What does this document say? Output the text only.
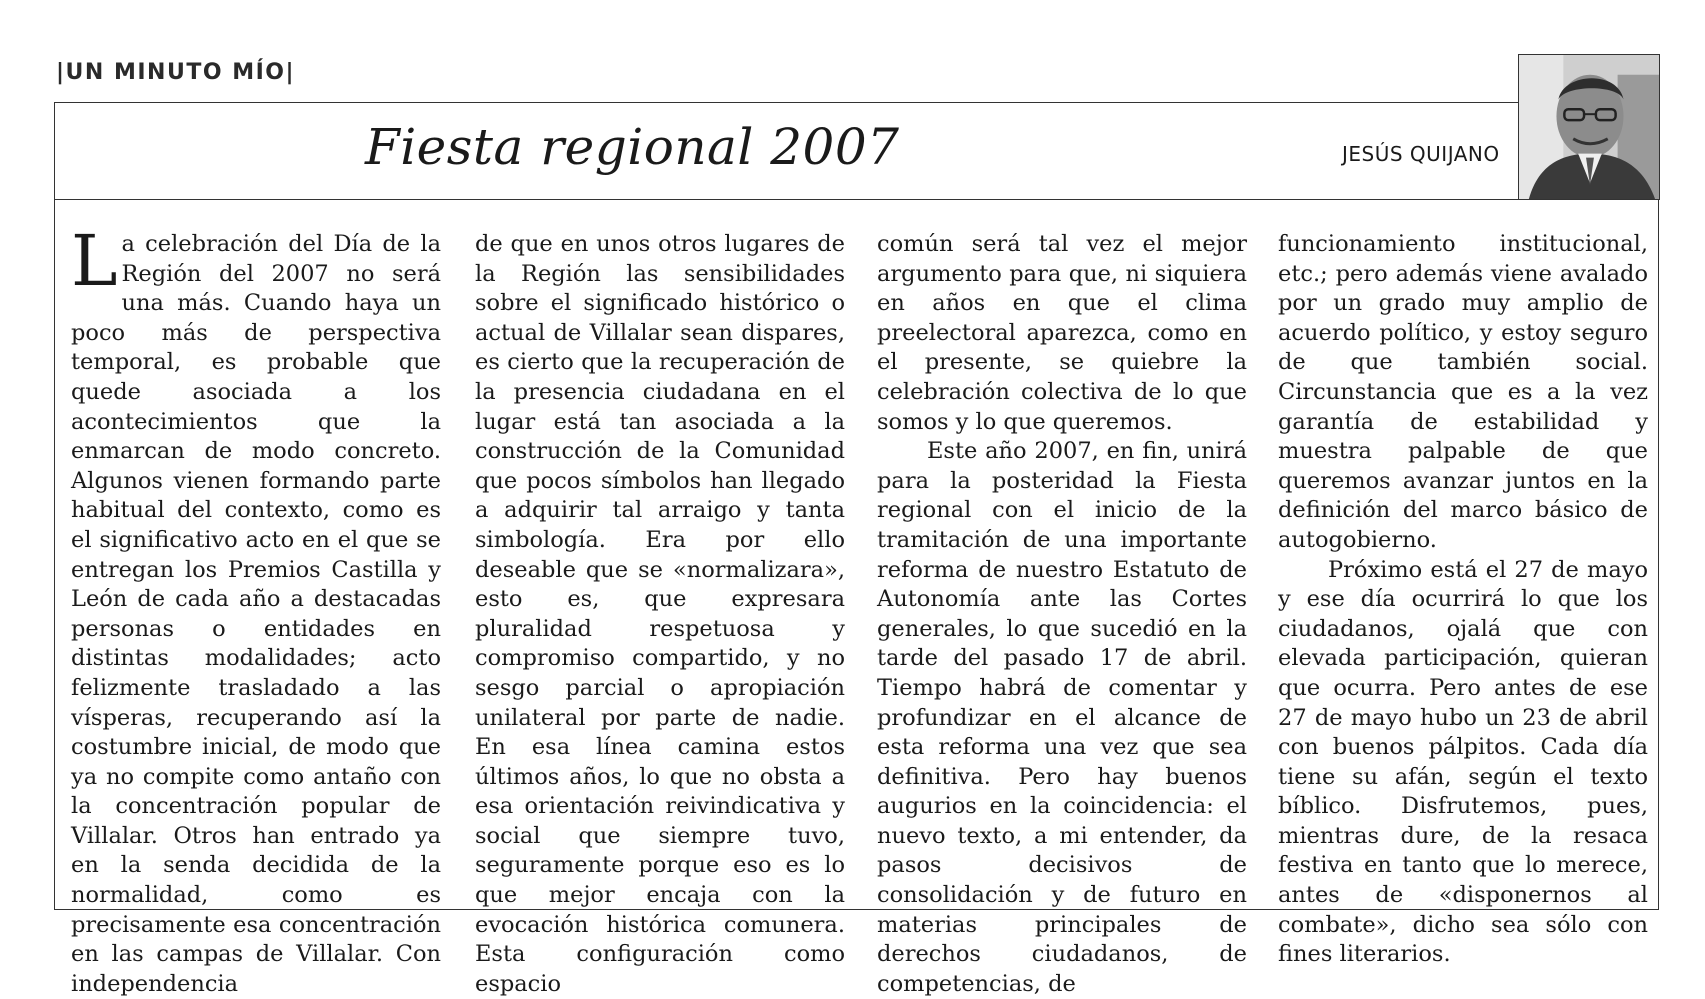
|UN MINUTO MÍO|
Fiesta regional 2007	JESÚS QUIJANO

L a celebración del Día de la Región del 2007 no será una más. Cuando haya un poco más de perspectiva temporal, es probable que quede asociada a los acontecimientos que la enmarcan de modo concreto. Algunos vienen formando parte habitual del contexto, como es el significativo acto en el que se entregan los Premios Castilla y León de cada año a destacadas personas o entidades en distintas modalidades; acto felizmente trasladado a las vísperas, recuperando así la costumbre inicial, de modo que ya no compite como antaño con la concentración popular de Villalar. Otros han entrado ya en la senda decidida de la normalidad, como es precisamente esa concentración en las campas de Villalar. Con independencia

de que en unos otros lugares de la Región las sensibilidades sobre el significado histórico o actual de Villalar sean dispares, es cierto que la recuperación de la presencia ciudadana en el lugar está tan asociada a la construcción de la Comunidad que pocos símbolos han llegado a adquirir tal arraigo y tanta simbología. Era por ello deseable que se «normalizara», esto es, que expresara pluralidad respetuosa y compromiso compartido, y no sesgo parcial o apropiación unilateral por parte de nadie. En esa línea camina estos últimos años, lo que no obsta a esa orientación reivindicativa y social que siempre tuvo, seguramente porque eso es lo que mejor encaja con la evocación histórica comunera. Esta configuración como espacio

común será tal vez el mejor argumento para que, ni siquiera en años en que el clima preelectoral aparezca, como en el presente, se quiebre la celebración colectiva de lo que somos y lo que queremos.

Este año 2007, en fin, unirá para la posteridad la Fiesta regional con el inicio de la tramitación de una importante reforma de nuestro Estatuto de Autonomía ante las Cortes generales, lo que sucedió en la tarde del pasado 17 de abril. Tiempo habrá de comentar y profundizar en el alcance de esta reforma una vez que sea definitiva. Pero hay buenos augurios en la coincidencia: el nuevo texto, a mi entender, da pasos decisivos de consolidación y de futuro en materias principales de derechos ciudadanos, de competencias, de

funcionamiento institucional, etc.; pero además viene avalado por un grado muy amplio de acuerdo político, y estoy seguro de que también social. Circunstancia que es a la vez garantía de estabilidad y muestra palpable de que queremos avanzar juntos en la definición del marco básico de autogobierno.

Próximo está el 27 de mayo y ese día ocurrirá lo que los ciudadanos, ojalá que con elevada participación, quieran que ocurra. Pero antes de ese 27 de mayo hubo un 23 de abril con buenos pálpitos. Cada día tiene su afán, según el texto bíblico. Disfrutemos, pues, mientras dure, de la resaca festiva en tanto que lo merece, antes de «disponernos al combate», dicho sea sólo con fines literarios.
